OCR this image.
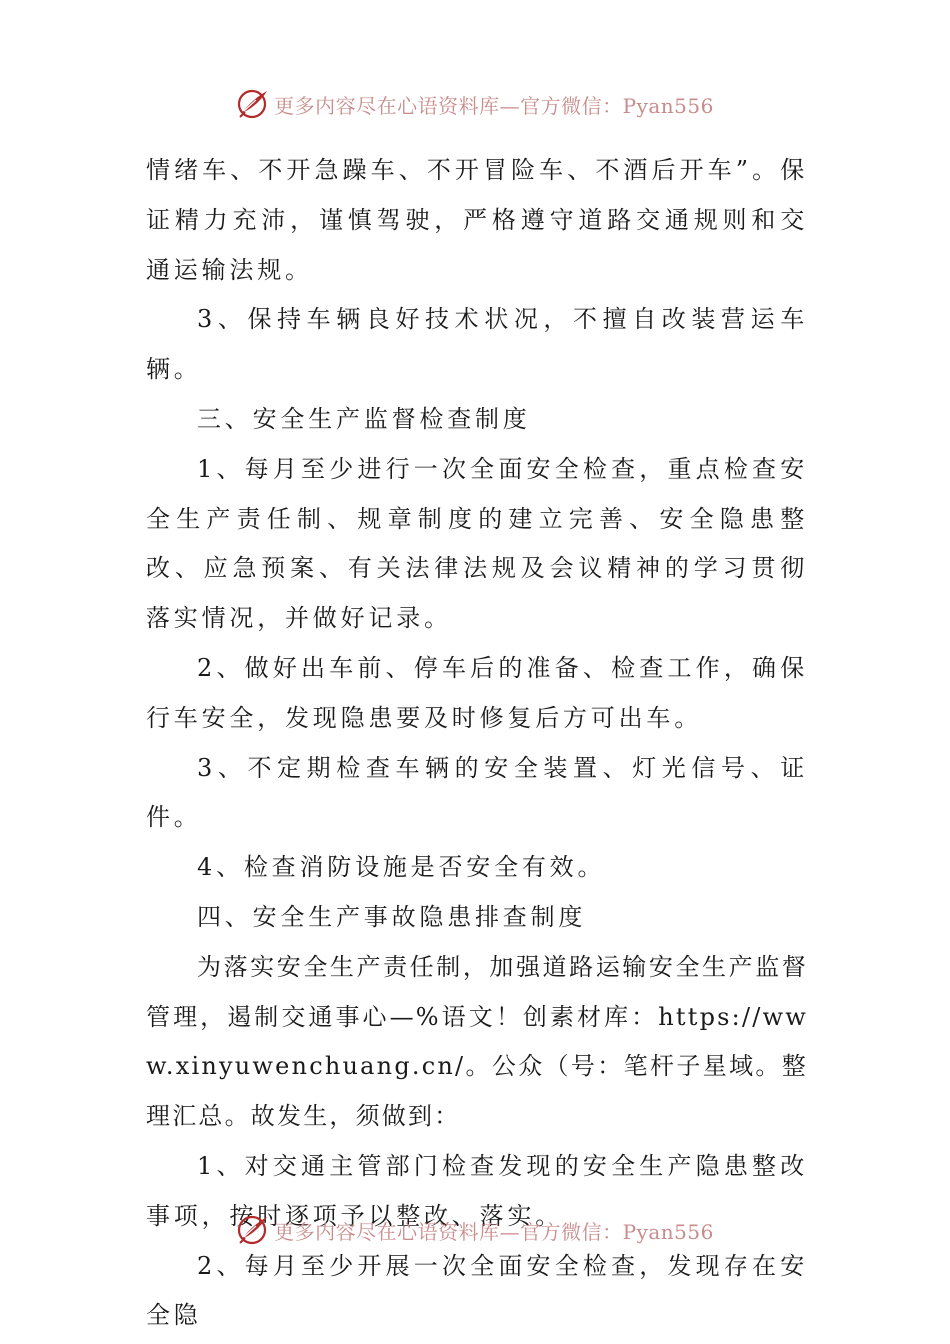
更多内容尽在心语资料库—官方微信：Pyan556

情绪车、不开急躁车、不开冒险车、不酒后开车”。保证精力充沛，谨慎驾驶，严格遵守道路交通规则和交通运输法规。

3、保持车辆良好技术状况，不擅自改装营运车辆。

三、安全生产监督检查制度

1、每月至少进行一次全面安全检查，重点检查安全生产责任制、规章制度的建立完善、安全隐患整改、应急预案、有关法律法规及会议精神的学习贯彻落实情况，并做好记录。

2、做好出车前、停车后的准备、检查工作，确保行车安全，发现隐患要及时修复后方可出车。

3、不定期检查车辆的安全装置、灯光信号、证件。

4、检查消防设施是否安全有效。

四、安全生产事故隐患排查制度

为落实安全生产责任制，加强道路运输安全生产监督管理，遏制交通事心—%语文！创素材库：https://www.xinyuwenchuang.cn/。公众（号：笔杆子星域。整理汇总。故发生，须做到：

1、对交通主管部门检查发现的安全生产隐患整改事项，按时逐项予以整改、落实。

2、每月至少开展一次全面安全检查，发现存在安全隐

更多内容尽在心语资料库—官方微信：Pyan556
